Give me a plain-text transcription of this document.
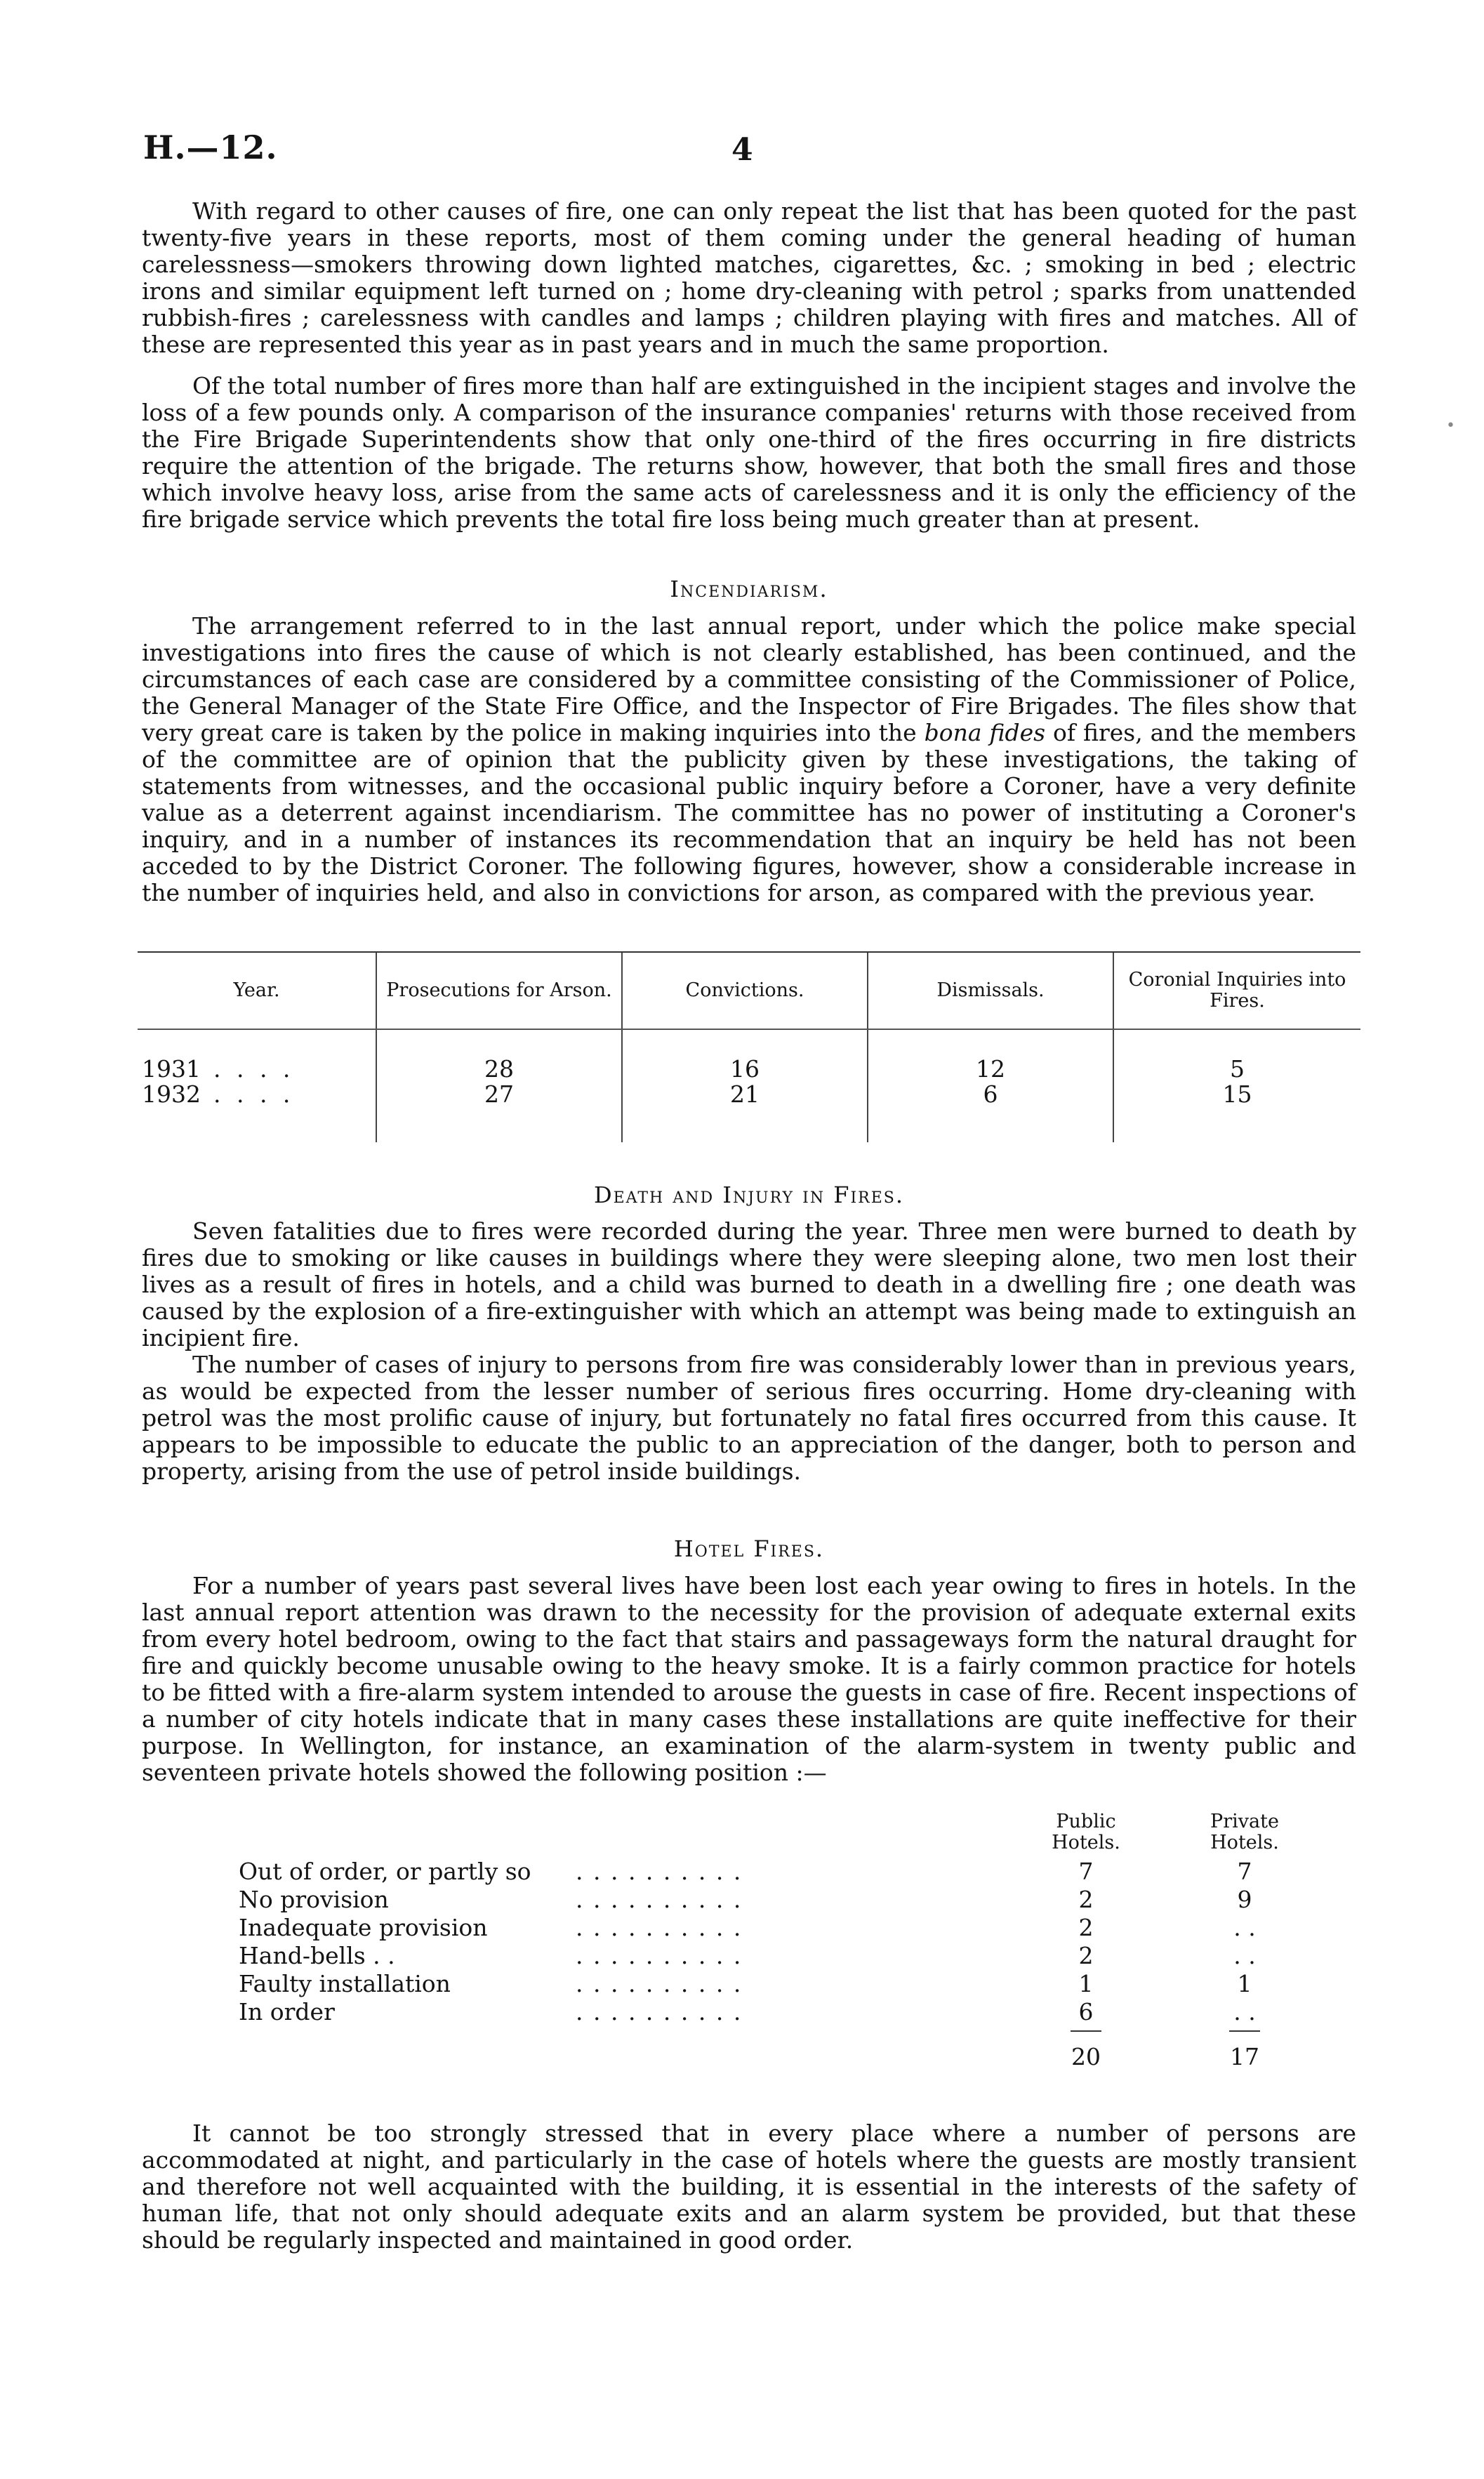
H.—12.	4

With regard to other causes of fire, one can only repeat the list that has been quoted for the past twenty-five years in these reports, most of them coming under the general heading of human carelessness—smokers throwing down lighted matches, cigarettes, &c. ; smoking in bed ; electric irons and similar equipment left turned on ; home dry-cleaning with petrol ; sparks from unattended rubbish-fires ; carelessness with candles and lamps ; children playing with fires and matches. All of these are represented this year as in past years and in much the same proportion.

Of the total number of fires more than half are extinguished in the incipient stages and involve the loss of a few pounds only. A comparison of the insurance companies' returns with those received from the Fire Brigade Superintendents show that only one-third of the fires occurring in fire districts require the attention of the brigade. The returns show, however, that both the small fires and those which involve heavy loss, arise from the same acts of carelessness and it is only the efficiency of the fire brigade service which prevents the total fire loss being much greater than at present.

Incendiarism.

The arrangement referred to in the last annual report, under which the police make special investigations into fires the cause of which is not clearly established, has been continued, and the circumstances of each case are considered by a committee consisting of the Commissioner of Police, the General Manager of the State Fire Office, and the Inspector of Fire Brigades. The files show that very great care is taken by the police in making inquiries into the bona fides of fires, and the members of the committee are of opinion that the publicity given by these investigations, the taking of statements from witnesses, and the occasional public inquiry before a Coroner, have a very definite value as a deterrent against incendiarism. The committee has no power of instituting a Coroner's inquiry, and in a number of instances its recommendation that an inquiry be held has not been acceded to by the District Coroner. The following figures, however, show a considerable increase in the number of inquiries held, and also in convictions for arson, as compared with the previous year.

Year.	Prosecutions for Arson.	Convictions.	Dismissals.	Coronial Inquiries into Fires.
1931 . . . .	28	16	12	5
1932 . . . .	27	21	6	15
Death and Injury in Fires.

Seven fatalities due to fires were recorded during the year. Three men were burned to death by fires due to smoking or like causes in buildings where they were sleeping alone, two men lost their lives as a result of fires in hotels, and a child was burned to death in a dwelling fire ; one death was caused by the explosion of a fire-extinguisher with which an attempt was being made to extinguish an incipient fire.

The number of cases of injury to persons from fire was considerably lower than in previous years, as would be expected from the lesser number of serious fires occurring. Home dry-cleaning with petrol was the most prolific cause of injury, but fortunately no fatal fires occurred from this cause. It appears to be impossible to educate the public to an appreciation of the danger, both to person and property, arising from the use of petrol inside buildings.

Hotel Fires.

For a number of years past several lives have been lost each year owing to fires in hotels. In the last annual report attention was drawn to the necessity for the provision of adequate external exits from every hotel bedroom, owing to the fact that stairs and passageways form the natural draught for fire and quickly become unusable owing to the heavy smoke. It is a fairly common practice for hotels to be fitted with a fire-alarm system intended to arouse the guests in case of fire. Recent inspections of a number of city hotels indicate that in many cases these installations are quite ineffective for their purpose. In Wellington, for instance, an examination of the alarm-system in twenty public and seventeen private hotels showed the following position :—

Public Hotels.
Private Hotels.
Out of order, or partly so . . . . . . . . . .	7	7
No provision	. . . . . . . . . .	2	9
Inadequate provision	. . . . . . . . . .	2	. .
Hand-bells . .	. . . . . . . . . .	2	. .
Faulty installation	. . . . . . . . . .	1	1
In order	. . . . . . . . . .	6	. .
20	17

It cannot be too strongly stressed that in every place where a number of persons are accommodated at night, and particularly in the case of hotels where the guests are mostly transient and therefore not well acquainted with the building, it is essential in the interests of the safety of human life, that not only should adequate exits and an alarm system be provided, but that these should be regularly inspected and maintained in good order.

•
